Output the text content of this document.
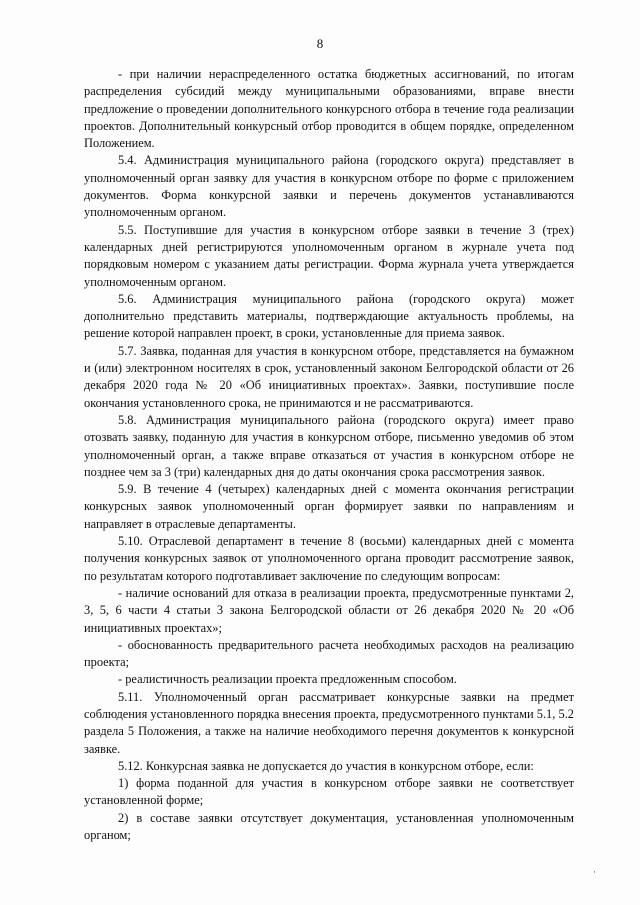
8

- при наличии нераспределенного остатка бюджетных ассигнований, по итогам распределения субсидий между муниципальными образованиями, вправе внести предложение о проведении дополнительного конкурсного отбора в течение года реализации проектов. Дополнительный конкурсный отбор проводится в общем порядке, определенном Положением.

5.4. Администрация муниципального района (городского округа) представляет в уполномоченный орган заявку для участия в конкурсном отборе по форме с приложением документов. Форма конкурсной заявки и перечень документов устанавливаются уполномоченным органом.

5.5. Поступившие для участия в конкурсном отборе заявки в течение 3 (трех) календарных дней регистрируются уполномоченным органом в журнале учета под порядковым номером с указанием даты регистрации. Форма журнала учета утверждается уполномоченным органом.

5.6. Администрация муниципального района (городского округа) может дополнительно представить материалы, подтверждающие актуальность проблемы, на решение которой направлен проект, в сроки, установленные для приема заявок.

5.7. Заявка, поданная для участия в конкурсном отборе, представляется на бумажном и (или) электронном носителях в срок, установленный законом Белгородской области от 26 декабря 2020 года № 20 «Об инициативных проектах». Заявки, поступившие после окончания установленного срока, не принимаются и не рассматриваются.

5.8. Администрация муниципального района (городского округа) имеет право отозвать заявку, поданную для участия в конкурсном отборе, письменно уведомив об этом уполномоченный орган, а также вправе отказаться от участия в конкурсном отборе не позднее чем за 3 (три) календарных дня до даты окончания срока рассмотрения заявок.

5.9. В течение 4 (четырех) календарных дней с момента окончания регистрации конкурсных заявок уполномоченный орган формирует заявки по направлениям и направляет в отраслевые департаменты.

5.10. Отраслевой департамент в течение 8 (восьми) календарных дней с момента получения конкурсных заявок от уполномоченного органа проводит рассмотрение заявок, по результатам которого подготавливает заключение по следующим вопросам:

- наличие оснований для отказа в реализации проекта, предусмотренные пунктами 2, 3, 5, 6 части 4 статьи 3 закона Белгородской области от 26 декабря 2020 № 20 «Об инициативных проектах»;

- обоснованность предварительного расчета необходимых расходов на реализацию проекта;

- реалистичность реализации проекта предложенным способом.

5.11. Уполномоченный орган рассматривает конкурсные заявки на предмет соблюдения установленного порядка внесения проекта, предусмотренного пунктами 5.1, 5.2 раздела 5 Положения, а также на наличие необходимого перечня документов к конкурсной заявке.

5.12. Конкурсная заявка не допускается до участия в конкурсном отборе, если:

1) форма поданной для участия в конкурсном отборе заявки не соответствует установленной форме;

2) в составе заявки отсутствует документация, установленная уполномоченным органом;

·
